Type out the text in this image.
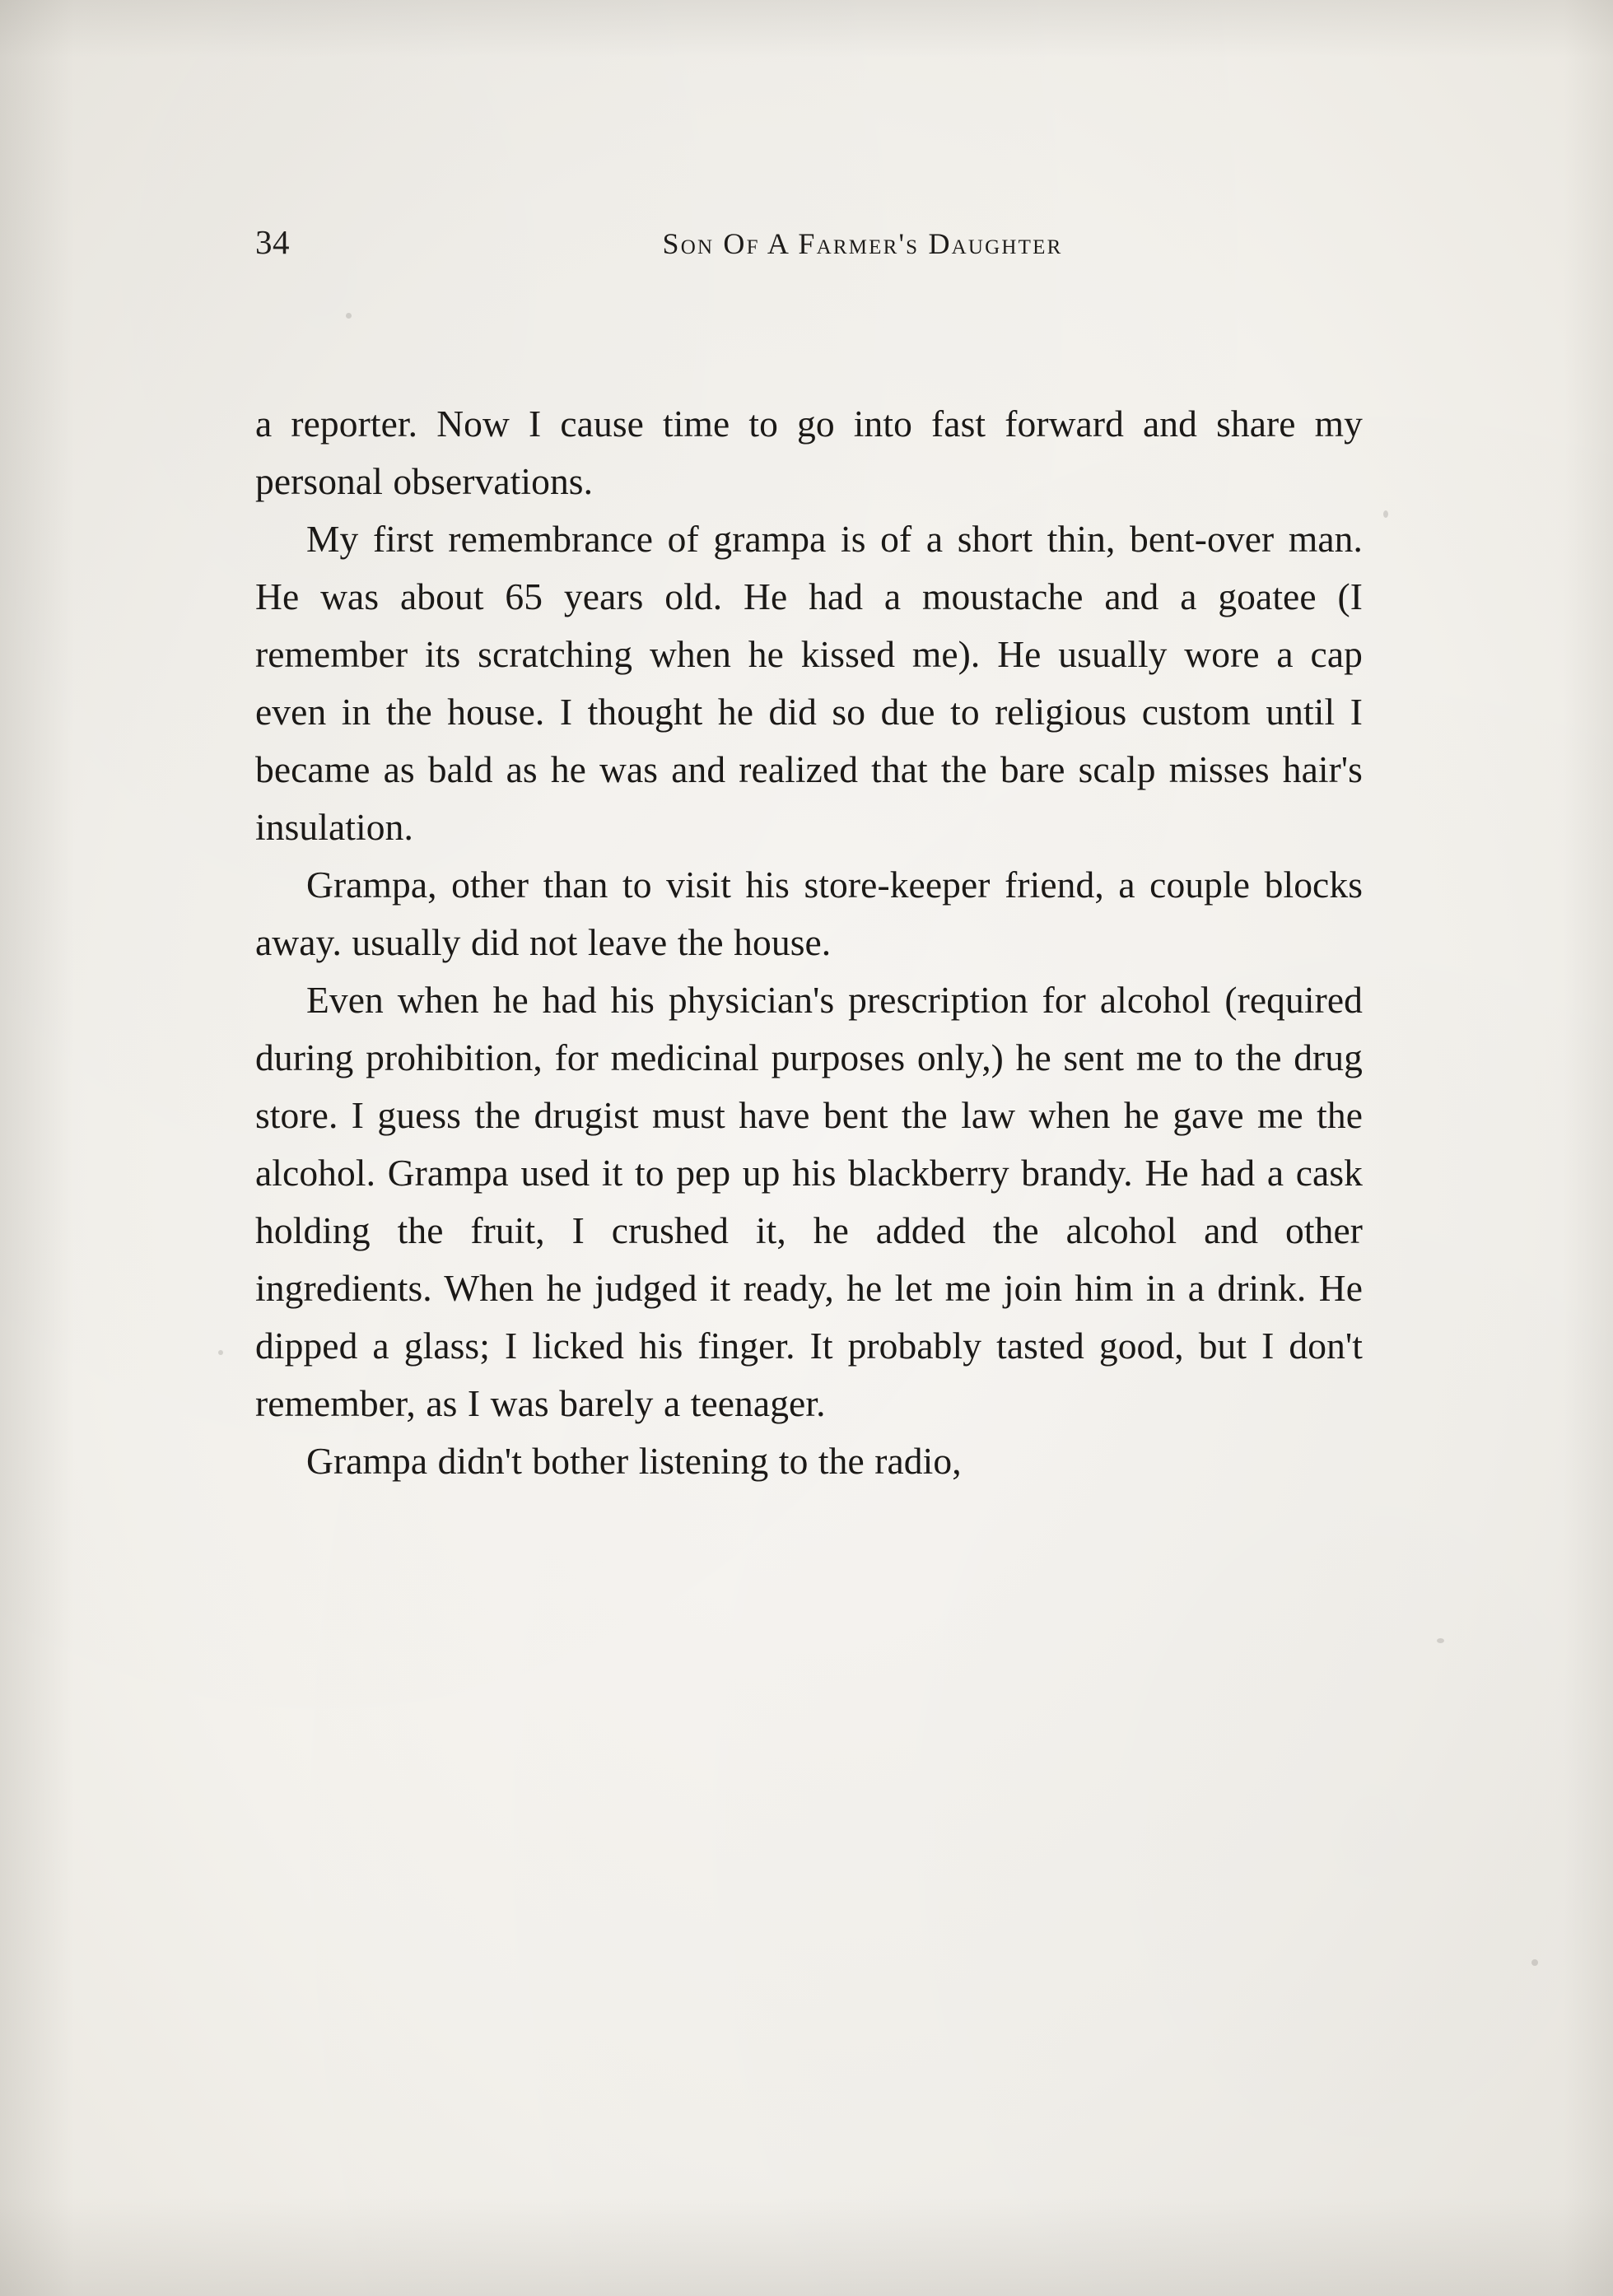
34	Son Of A Farmer's Daughter

a reporter. Now I cause time to go into fast forward and share my personal observations.

My first remembrance of grampa is of a short thin, bent-over man. He was about 65 years old. He had a moustache and a goatee (I remember its scratching when he kissed me). He usually wore a cap even in the house. I thought he did so due to religious custom until I became as bald as he was and realized that the bare scalp misses hair's insulation.

Grampa, other than to visit his store-keeper friend, a couple blocks away. usually did not leave the house.

Even when he had his physician's prescription for alcohol (required during prohibition, for medicinal purposes only,) he sent me to the drug store. I guess the drugist must have bent the law when he gave me the alcohol. Grampa used it to pep up his blackberry brandy. He had a cask holding the fruit, I crushed it, he added the alcohol and other ingredients. When he judged it ready, he let me join him in a drink. He dipped a glass; I licked his finger. It probably tasted good, but I don't remember, as I was barely a teenager.

Grampa didn't bother listening to the radio,
